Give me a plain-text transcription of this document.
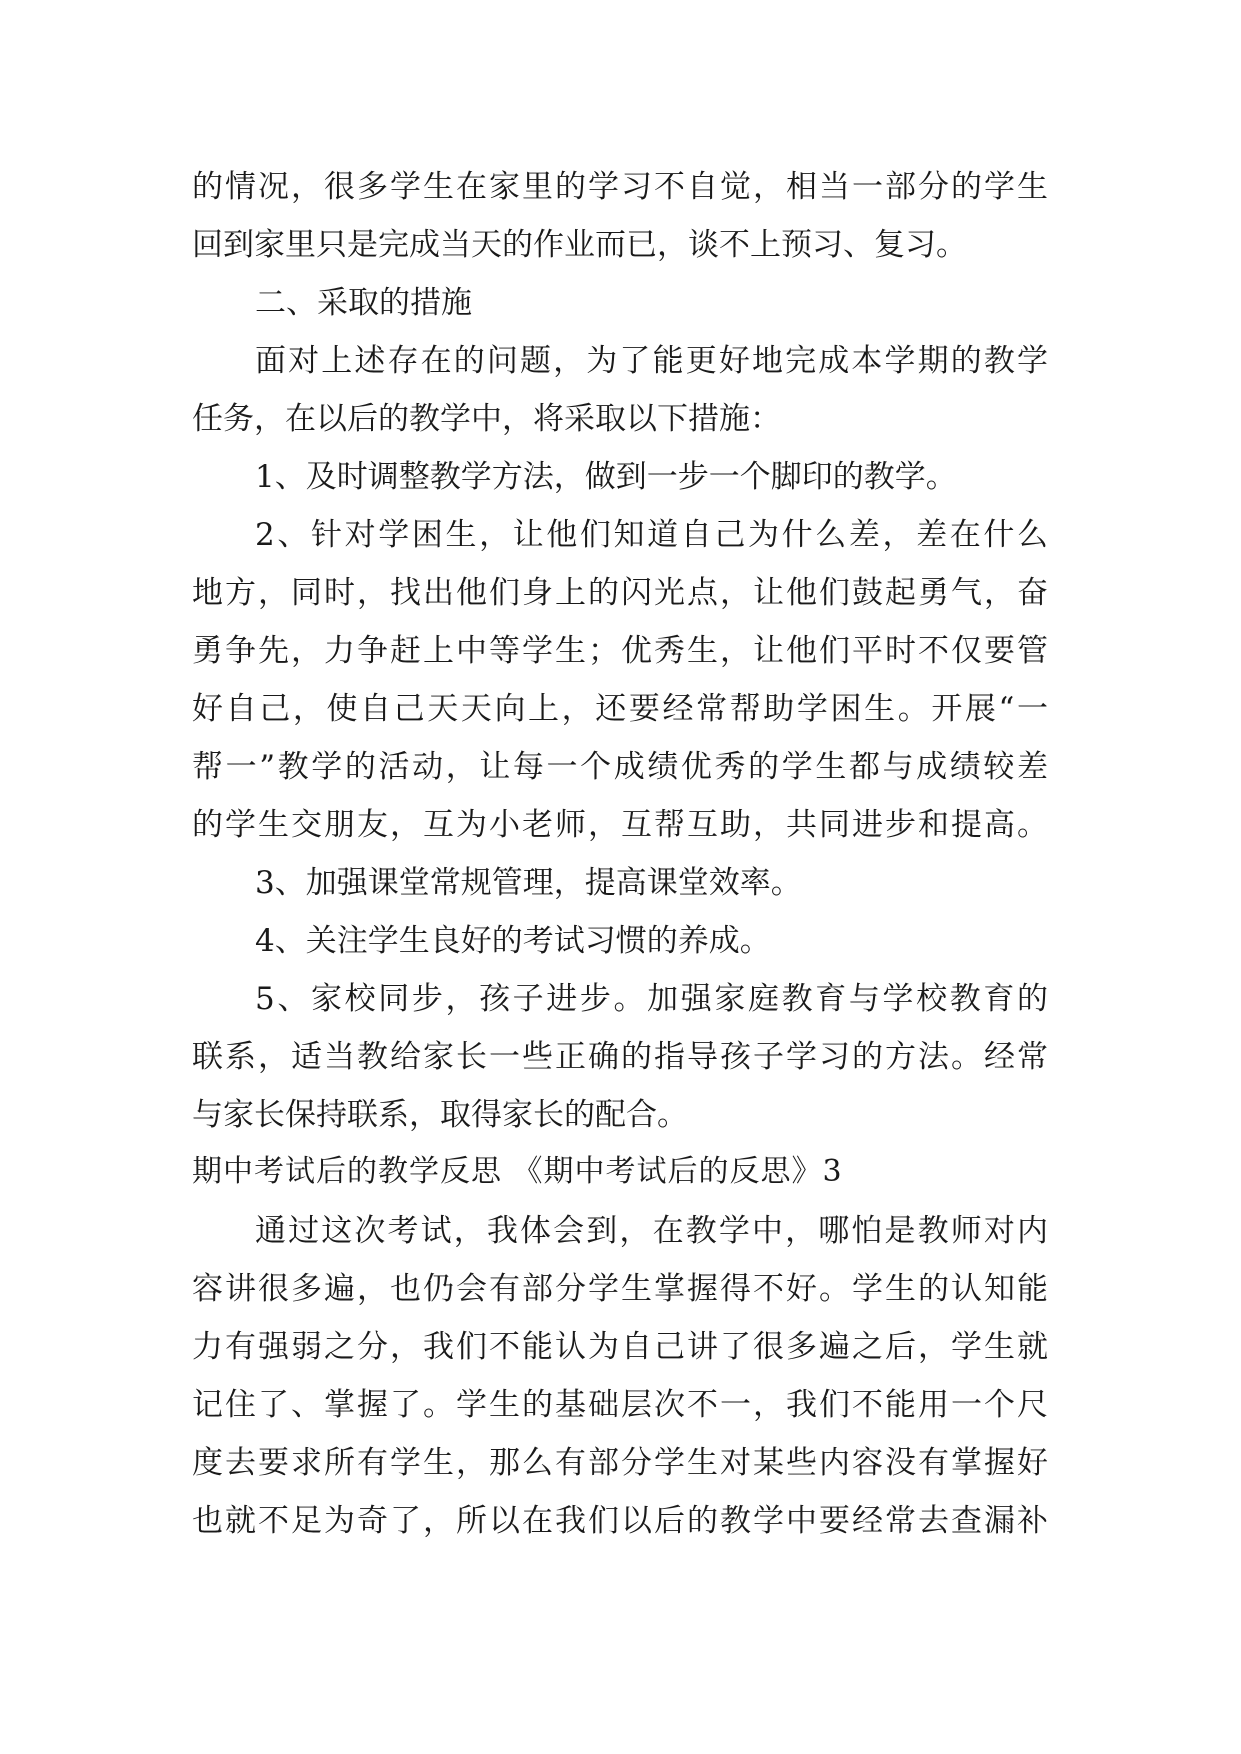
的情况，很多学生在家里的学习不自觉，相当一部分的学生
回到家里只是完成当天的作业而已，谈不上预习、复习。
二、采取的措施
面对上述存在的问题，为了能更好地完成本学期的教学
任务，在以后的教学中，将采取以下措施：
1、及时调整教学方法，做到一步一个脚印的教学。
2、针对学困生，让他们知道自己为什么差，差在什么
地方，同时，找出他们身上的闪光点，让他们鼓起勇气，奋
勇争先，力争赶上中等学生；优秀生，让他们平时不仅要管
好自己，使自己天天向上，还要经常帮助学困生。开展“一
帮一”教学的活动，让每一个成绩优秀的学生都与成绩较差
的学生交朋友，互为小老师，互帮互助，共同进步和提高。
3、加强课堂常规管理，提高课堂效率。
4、关注学生良好的考试习惯的养成。
5、家校同步，孩子进步。加强家庭教育与学校教育的
联系，适当教给家长一些正确的指导孩子学习的方法。经常
与家长保持联系，取得家长的配合。
期中考试后的教学反思 《期中考试后的反思》3
通过这次考试，我体会到，在教学中，哪怕是教师对内
容讲很多遍，也仍会有部分学生掌握得不好。学生的认知能
力有强弱之分，我们不能认为自己讲了很多遍之后，学生就
记住了、掌握了。学生的基础层次不一，我们不能用一个尺
度去要求所有学生，那么有部分学生对某些内容没有掌握好
也就不足为奇了，所以在我们以后的教学中要经常去查漏补
